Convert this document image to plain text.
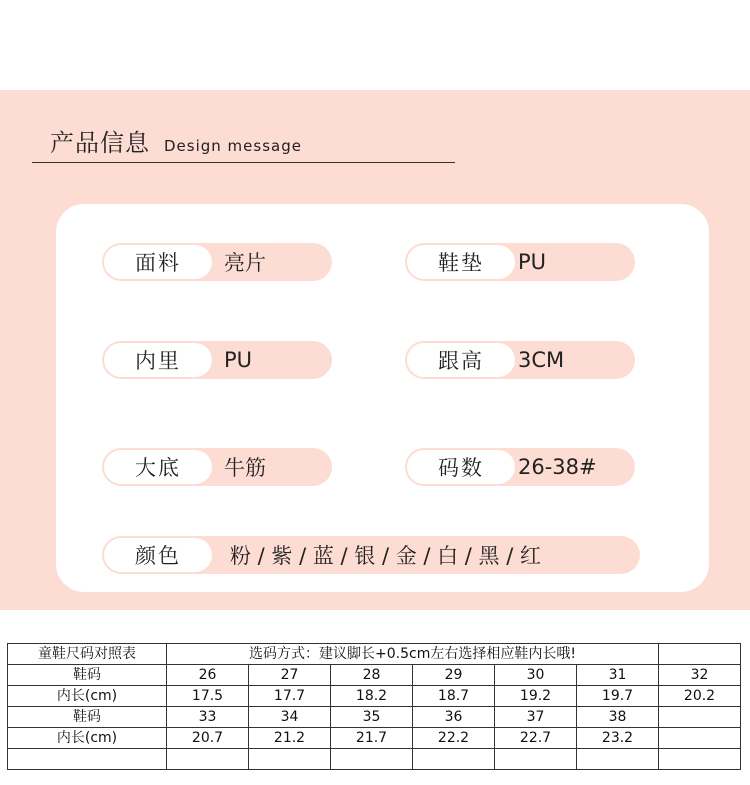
产品信息 Design message
面料	亮片	鞋垫	PU
内里	PU	跟高	3CM
大底	牛筋	码数	26-38#
颜色	粉 / 紫 / 蓝 / 银 / 金 / 白 / 黑 / 红
童鞋尺码对照表	选码方式：建议脚长+0.5cm左右选择相应鞋内长哦!						
鞋码	26	27	28	29	30	31	32
内长(cm)	17.5	17.7	18.2	18.7	19.2	19.7	20.2
鞋码	33	34	35	36	37	38	
内长(cm)	20.7	21.2	21.7	22.2	22.7	23.2	
